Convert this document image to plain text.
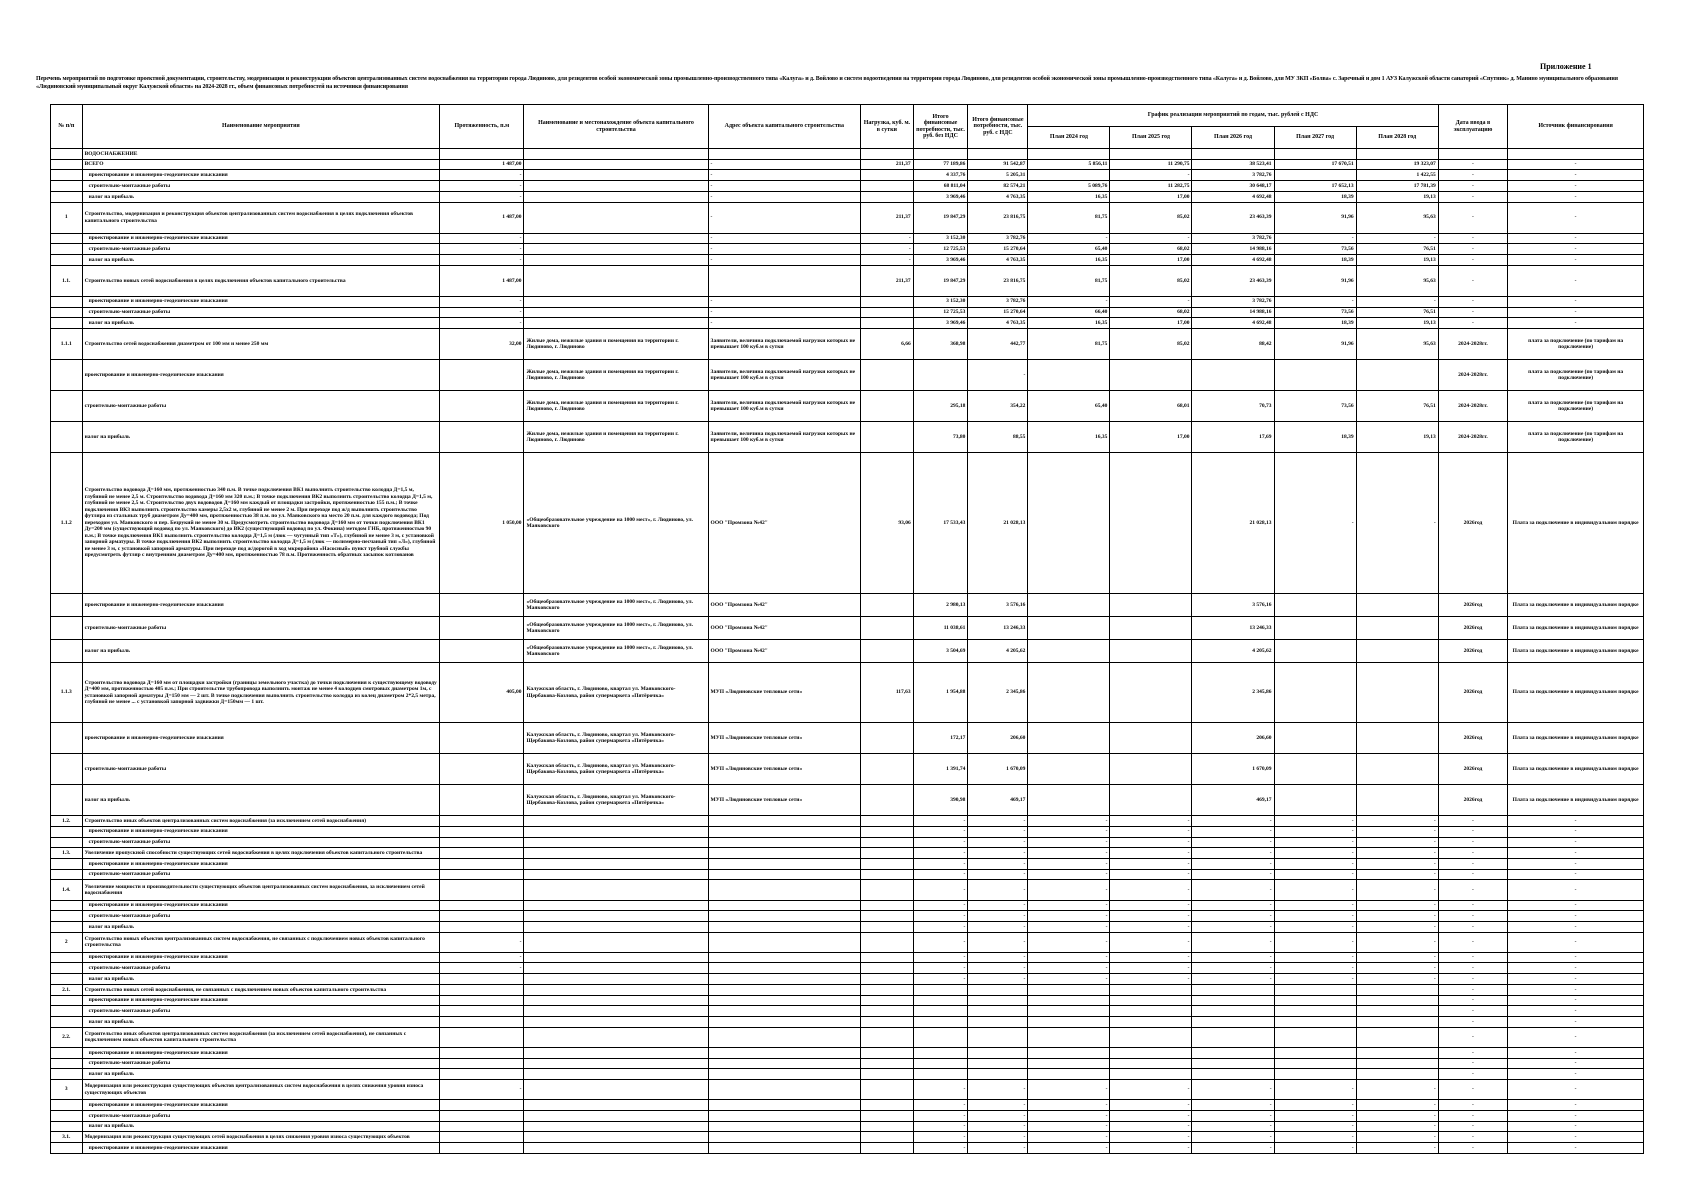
Приложение 1
Перечень мероприятий по подготовке проектной документации, строительству, модернизации и реконструкции объектов централизованных систем водоснабжения на территории города Людиново, для резидентов особой экономической зоны промышленно-производственного типа «Калуга» и д. Войлово и систем водоотведения на территории города Людиново, для резидентов особой экономической зоны промышленно-производственного типа «Калуга» и д. Войлово, для МУ ЗКП «Болва» с. Заречный и дом 1 АУЗ Калужской области санаторий «Спутник» д. Манино муниципального образования «Людиновский муниципальный округ Калужской области» на 2024-2028 гг., объем финансовых потребностей на источники финансирования
№ п/п	Наименование мероприятия	Протяженность, п.м	Наименование и местонахождение объекта капитального строительства	Адрес объекта капитального строительства	Нагрузка, куб. м. в сутки	Итого финансовые потребности, тыс. руб. без НДС	Итого финансовые потребности, тыс. руб. с НДС	График реализации мероприятий по годам, тыс. рублей с НДС					Дата ввода в эксплуатацию	Источник финансирования
								План 2024 год	План 2025 год	План 2026 год	План 2027 год	План 2028 год		
	ВОДОСНАБЖЕНИЕ													
	ВСЕГО	1 487,00		-	211,37	77 189,86	91 542,87	5 856,11	11 290,75	38 523,41	17 670,51	19 323,07	-	-
	проектирование и инженерно-геодезические изыскания	-		-		4 337,76	5 205,31		-	3 782,76		1 422,55	-	-
	строительно-монтажные работы	-		-		68 811,04	82 574,21	5 089,76	11 282,75	30 648,17	17 652,13	17 781,39	-	-
	налог на прибыль	-		-		3 969,46	4 763,35	16,35	17,00	4 692,48	18,39	19,13	-	-
1	Строительство, модернизация и реконструкция объектов централизованных систем водоснабжения в целях подключения объектов капитального строительства	1 487,00		-	211,37	19 847,29	23 816,75	81,75	85,02	23 463,39	91,96	95,63	-	-
	проектирование и инженерно-геодезические изыскания	-		-	-	3 152,30	3 782,76	-	-	3 782,76	-	-	-	-
	строительно-монтажные работы	-		-	-	12 725,53	15 270,64	65,40	68,02	14 988,16	73,56	76,51	-	-
	налог на прибыль	-		-	-	3 969,46	4 763,35	16,35	17,00	4 692,48	18,39	19,13	-	-
1.1.	Строительство новых сетей водоснабжения в целях подключения объектов капитального строительства	1 487,00			211,37	19 847,29	23 816,75	81,75	85,02	23 463,39	91,96	95,63	-	-
	проектирование и инженерно-геодезические изыскания	-		-		3 152,30	3 782,76	-	-	3 782,76	-	-	-	-
	строительно-монтажные работы	-		-		12 725,53	15 270,64	66,40	68,02	14 988,16	73,56	76,51	-	-
	налог на прибыль	-		-		3 969,46	4 763,35	16,35	17,00	4 692,48	18,39	19,13	-	-
1.1.1	Строительство сетей водоснабжения диаметром от 100 мм и менее 250 мм	32,00	Жилые дома, нежилые здания и помещения на территории г. Людиново, г. Людиново	Заявители, величина подключаемой нагрузки которых не превышает 100 куб.м в сутки	6,66	368,98	442,77	81,75	85,02	88,42	91,96	95,63	2024-2028гг.	плата за подключение (по тарифам на подключение)
	проектирование и инженерно-геодезические изыскания		Жилые дома, нежилые здания и помещения на территории г. Людиново, г. Людиново	Заявители, величина подключаемой нагрузки которых не превышает 100 куб.м в сутки			-						2024-2028гг.	плата за подключение (по тарифам на подключение)
	строительно-монтажные работы		Жилые дома, нежилые здания и помещения на территории г. Людиново, г. Людиново	Заявители, величина подключаемой нагрузки которых не превышает 100 куб.м в сутки		295,18	354,22	65,40	68,01	70,73	73,56	76,51	2024-2028гг.	плата за подключение (по тарифам на подключение)
	налог на прибыль		Жилые дома, нежилые здания и помещения на территории г. Людиново, г. Людиново	Заявители, величина подключаемой нагрузки которых не превышает 100 куб.м в сутки		73,80	88,55	16,35	17,00	17,69	18,39	19,13	2024-2028гг.	плата за подключение (по тарифам на подключение)
1.1.2	Строительство водовода Д=160 мм, протяженностью 340 п.м. В точке подключения ВК1 выполнить строительство колодца Д=1,5 м, глубиной не менее 2,5 м. Строительство водовода Д=160 мм 320 п.м.; В точке подключения ВК2 выполнить строительство колодца Д=1,5 м, глубиной не менее 2,5 м. Строительство двух водоводов Д=160 мм каждый от площадки застройки, протяженностью 155 п.м.; В точке подключения ВК3 выполнить строительство камеры 2,5х2 м, глубиной не менее 2 м. При переходе под ж/д выполнить строительство футляра из стальных труб диаметром Ду=400 мм, протяженностью 38 п.м. по ул. Маяковского на место 20 п.м. для каждого водовода; Под переходом ул. Маяковского и пер. Безрукий не менее 30 м. Предусмотреть строительство водовода Д=160 мм от точки подключения ВК1 Ду=200 мм (существующий водовод по ул. Маяковского) до ВК2 (существующий водовод по ул. Фокина) методом ГНБ, протяженностью 90 п.м.; В точке подключения ВК1 выполнить строительство колодца Д=1,5 м (люк — чугунный тип «Т»), глубиной не менее 3 м, с установкой запорной арматуры. В точке подключения ВК2 выполнить строительство колодца Д=1,5 м (люк — полимерно-песчаный тип «Л»), глубиной не менее 3 м, с установкой запорной арматуры. При переходе под ж/дорогой в ход мкрорайона «Насосный» пункт трубной службы предусмотреть футляр с внутренним диаметром Ду=400 мм, протяженностью 78 п.м. Протяженность обратных засыпок котлованов	1 050,00	«Общеобразовательное учреждение на 1000 мест», г. Людиново, ул. Маяковского	ООО "Промзона №42"	93,06	17 533,43	21 028,13			21 028,13	-	-	2026год	Плата за подключение в индивидуальном порядке
	проектирование и инженерно-геодезические изыскания		«Общеобразовательное учреждение на 1000 мест», г. Людиново, ул. Маяковского	ООО "Промзона №42"		2 980,13	3 576,16			3 576,16			2026год	Плата за подключение в индивидуальном порядке
	строительно-монтажные работы		«Общеобразовательное учреждение на 1000 мест», г. Людиново, ул. Маяковского	ООО "Промзона №42"		11 038,61	13 246,33			13 246,33			2026год	Плата за подключение в индивидуальном порядке
	налог на прибыль		«Общеобразовательное учреждение на 1000 мест», г. Людиново, ул. Маяковского	ООО "Промзона №42"		3 504,69	4 205,62			4 205,62			2026год	Плата за подключение в индивидуальном порядке
1.1.3	Строительство водовода Д=160 мм от площадки застройки (границы земельного участка) до точки подключения к существующему водоводу Д=400 мм, протяженностью 405 п.м.; При строительстве трубопровода выполнить монтаж не менее 4 колодцев смотровых диаметром 1м, с установкой запорной арматуры Д=150 мм — 2 шт. В точке подключения выполнить строительство колодца из колец диаметром 2*2,5 метра, глубиной не менее ... с установкой запорной задвижки Д=150мм — 1 шт.	405,00	Калужская область, г. Людиново, квартал ул. Маяковского-Щербакова-Козлова, район супермаркета «Пятёрочка»	МУП «Людиновские тепловые сети»	117,63	1 954,88	2 345,86			2 345,86			2026год	Плата за подключение в индивидуальном порядке
	проектирование и инженерно-геодезические изыскания		Калужская область, г. Людиново, квартал ул. Маяковского-Щербакова-Козлова, район супермаркета «Пятёрочка»	МУП «Людиновские тепловые сети»		172,17	206,60			206,60			2026год	Плата за подключение в индивидуальном порядке
	строительно-монтажные работы		Калужская область, г. Людиново, квартал ул. Маяковского-Щербакова-Козлова, район супермаркета «Пятёрочка»	МУП «Людиновские тепловые сети»		1 391,74	1 670,09			1 670,09			2026год	Плата за подключение в индивидуальном порядке
	налог на прибыль		Калужская область, г. Людиново, квартал ул. Маяковского-Щербакова-Козлова, район супермаркета «Пятёрочка»	МУП «Людиновские тепловые сети»		390,98	469,17			469,17			2026год	Плата за подключение в индивидуальном порядке
1.2.	Строительство иных объектов централизованных систем водоснабжения (за исключением сетей водоснабжения)					-	-	-	-	-	-	-	-	-
	проектирование и инженерно-геодезические изыскания					-	-	-	-	-	-	-	-	-
	строительно-монтажные работы					-	-	-	-	-	-	-	-	-
1.3.	Увеличение пропускной способности существующих сетей водоснабжения в целях подключения объектов капитального строительства					-	-	-	-	-	-	-	-	-
	проектирование и инженерно-геодезические изыскания					-	-	-	-	-	-	-	-	-
	строительно-монтажные работы					-	-	-	-	-	-	-	-	-
1.4.	Увеличение мощности и производительности существующих объектов централизованных систем водоснабжения, за исключением сетей водоснабжения					-	-	-	-	-	-	-	-	-
	проектирование и инженерно-геодезические изыскания					-	-	-	-	-	-	-	-	-
	строительно-монтажные работы					-	-	-	-	-	-	-	-	-
	налог на прибыль					-	-	-	-	-	-	-	-	-
2	Строительство новых объектов централизованных систем водоснабжения, не связанных с подключением новых объектов капитального строительства	-				-	-	-	-	-	-	-	-	-
	проектирование и инженерно-геодезические изыскания	-				-	-	-	-	-	-	-	-	-
	строительно-монтажные работы	-				-	-	-	-	-	-	-	-	-
	налог на прибыль					-	-	-	-	-	-	-	-	-
2.1.	Строительство новых сетей водоснабжения, не связанных с подключением новых объектов капитального строительства												-	-
	проектирование и инженерно-геодезические изыскания												-	-
	строительно-монтажные работы												-	-
	налог на прибыль												-	-
2.2.	Строительство иных объектов централизованных систем водоснабжения (за исключением сетей водоснабжения), не связанных с подключением новых объектов капитального строительства												-	-
	проектирование и инженерно-геодезические изыскания												-	-
	строительно-монтажные работы												-	-
	налог на прибыль												-	-
3	Модернизация или реконструкция существующих объектов централизованных систем водоснабжения в целях снижения уровня износа существующих объектов	-				-	-	-	-	-	-	-	-	-
	проектирование и инженерно-геодезические изыскания					-	-	-	-	-	-	-	-	-
	строительно-монтажные работы					-	-	-	-	-	-	-	-	-
	налог на прибыль					-	-	-	-	-	-	-	-	-
3.1.	Модернизация или реконструкция существующих сетей водоснабжения в целях снижения уровня износа существующих объектов					-	-	-	-	-	-	-	-	-
	проектирование и инженерно-геодезические изыскания					-	-	-	-	-	-	-	-	-
